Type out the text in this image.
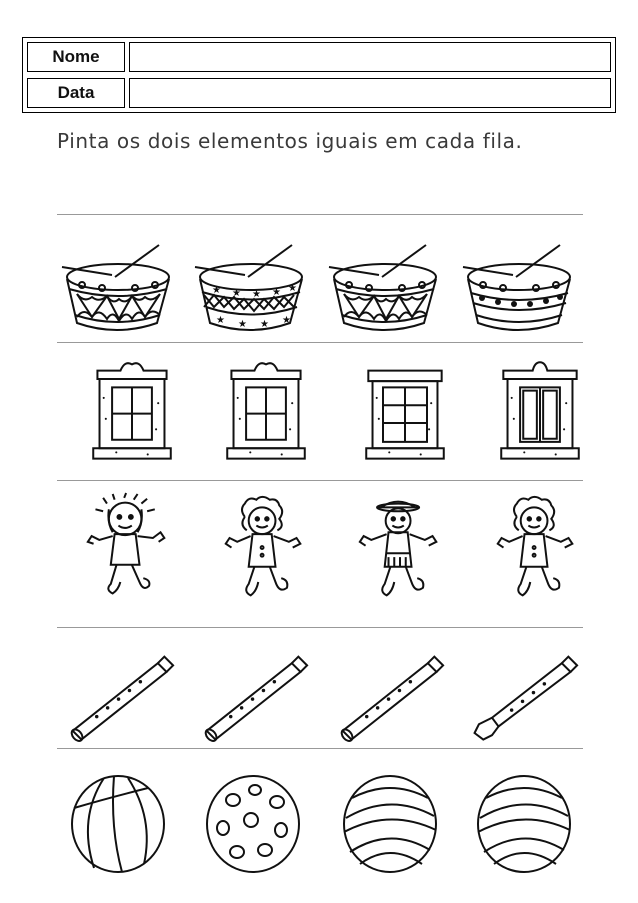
Nome
Data
Pinta os dois elementos iguais em cada fila.
★ ★ ★ ★ ★
★ ★ ★ ★
